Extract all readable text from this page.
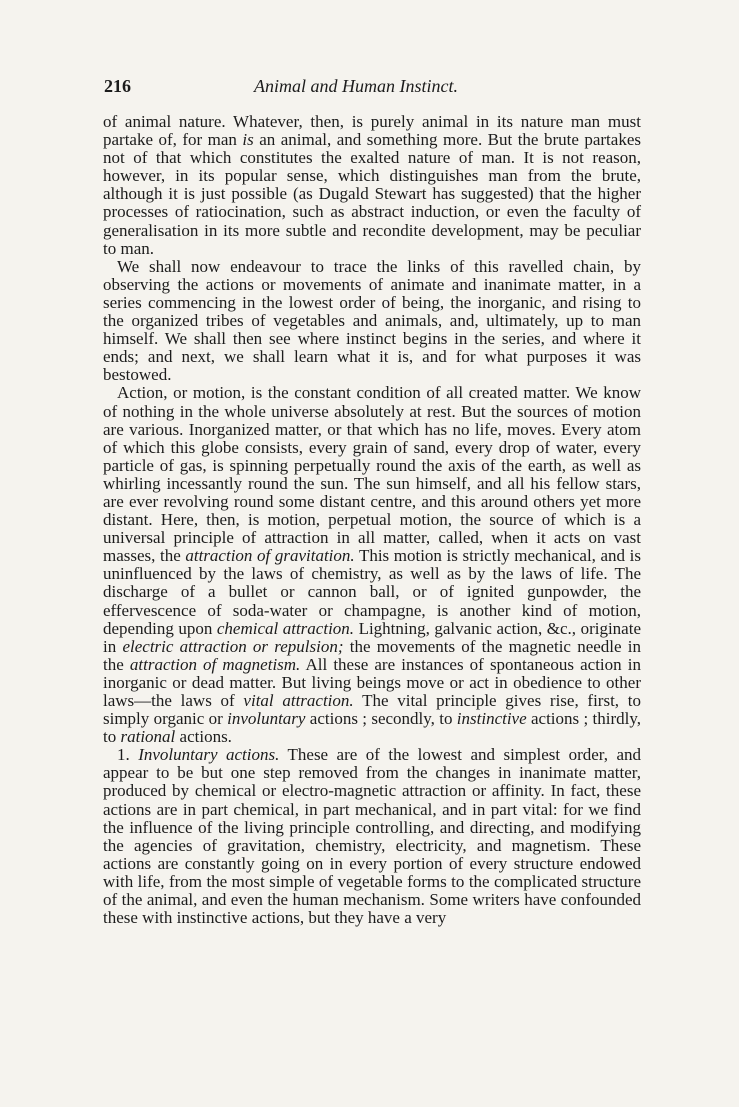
216	Animal and Human Instinct.

of animal nature. Whatever, then, is purely animal in its nature man must partake of, for man is an animal, and something more. But the brute partakes not of that which constitutes the exalted nature of man. It is not reason, however, in its popular sense, which distinguishes man from the brute, although it is just possible (as Dugald Stewart has suggested) that the higher processes of ratiocination, such as abstract induction, or even the faculty of generalisation in its more subtle and recondite development, may be peculiar to man.

We shall now endeavour to trace the links of this ravelled chain, by observing the actions or movements of animate and inanimate matter, in a series commencing in the lowest order of being, the inorganic, and rising to the organized tribes of vegetables and animals, and, ultimately, up to man himself. We shall then see where instinct begins in the series, and where it ends; and next, we shall learn what it is, and for what purposes it was bestowed.

Action, or motion, is the constant condition of all created matter. We know of nothing in the whole universe absolutely at rest. But the sources of motion are various. Inorganized matter, or that which has no life, moves. Every atom of which this globe consists, every grain of sand, every drop of water, every particle of gas, is spinning perpetually round the axis of the earth, as well as whirling incessantly round the sun. The sun himself, and all his fellow stars, are ever revolving round some distant centre, and this around others yet more distant. Here, then, is motion, perpetual motion, the source of which is a universal principle of attraction in all matter, called, when it acts on vast masses, the attraction of gravitation. This motion is strictly mechanical, and is uninfluenced by the laws of chemistry, as well as by the laws of life. The discharge of a bullet or cannon ball, or of ignited gunpowder, the effervescence of soda-water or champagne, is another kind of motion, depending upon chemical attraction. Lightning, galvanic action, &c., originate in electric attraction or repulsion; the movements of the magnetic needle in the attraction of magnetism. All these are instances of spontaneous action in inorganic or dead matter. But living beings move or act in obedience to other laws—the laws of vital attraction. The vital principle gives rise, first, to simply organic or involuntary actions ; secondly, to instinctive actions ; thirdly, to rational actions.

1. Involuntary actions. These are of the lowest and simplest order, and appear to be but one step removed from the changes in inanimate matter, produced by chemical or electro-magnetic attraction or affinity. In fact, these actions are in part chemical, in part mechanical, and in part vital: for we find the influence of the living principle controlling, and directing, and modifying the agencies of gravitation, chemistry, electricity, and magnetism. These actions are constantly going on in every portion of every structure endowed with life, from the most simple of vegetable forms to the complicated structure of the animal, and even the human mechanism. Some writers have confounded these with instinctive actions, but they have a very
